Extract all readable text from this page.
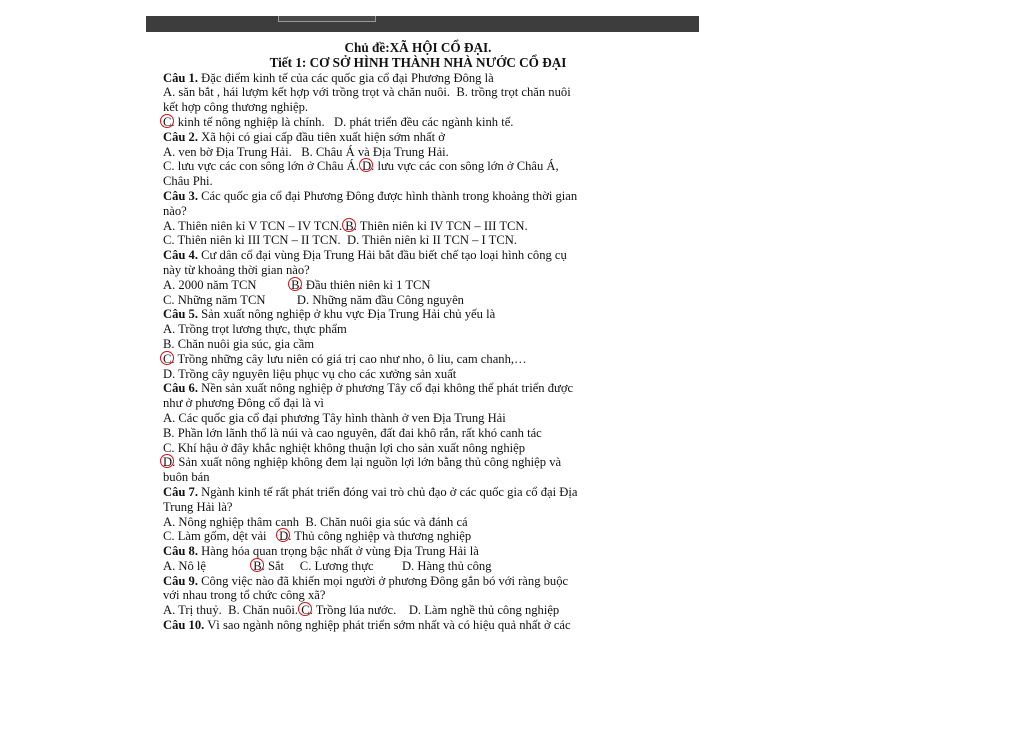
Chủ đề:XÃ HỘI CỔ ĐẠI.
Tiết 1: CƠ SỞ HÌNH THÀNH NHÀ NƯỚC CỔ ĐẠI
Câu 1. Đặc điểm kinh tế của các quốc gia cổ đại Phương Đông là
A. săn bắt , hái lượm kết hợp với trồng trọt và chăn nuôi.  B. trồng trọt chăn nuôi
kết hợp công thương nghiệp.
C.
kinh tế nông nghiệp là chính.   D. phát triển đều các ngành kinh tế.
Câu 2. Xã hội có giai cấp đầu tiên xuất hiện sớm nhất ở
A. ven bờ Địa Trung Hải.   B. Châu Á và Địa Trung Hải.
C. lưu vực các con sông lớn ở Châu Á. D.
lưu vực các con sông lớn ở Châu Á,
Châu Phi.
Câu 3. Các quốc gia cổ đại Phương Đông được hình thành trong khoảng thời gian
nào?
A. Thiên niên kỉ V TCN – IV TCN. B.
Thiên niên kỉ IV TCN – III TCN.
C. Thiên niên kỉ III TCN – II TCN.  D. Thiên niên kỉ II TCN – I TCN.
Câu 4. Cư dân cổ đại vùng Địa Trung Hải bắt đầu biết chế tạo loại hình công cụ
này từ khoảng thời gian nào?
A. 2000 năm TCN           B.
Đầu thiên niên kỉ 1 TCN
C. Những năm TCN          D. Những năm đầu Công nguyên
Câu 5. Sản xuất nông nghiệp ở khu vực Địa Trung Hải chủ yếu là
A. Trồng trọt lương thực, thực phẩm
B. Chăn nuôi gia súc, gia cầm
C.
Trồng những cây lưu niên có giá trị cao như nho, ô liu, cam chanh,…
D. Trồng cây nguyên liệu phục vụ cho các xưởng sản xuất
Câu 6. Nền sản xuất nông nghiệp ở phương Tây cổ đại không thể phát triển được
như ở phương Đông cổ đại là vì
A. Các quốc gia cổ đại phương Tây hình thành ở ven Địa Trung Hải
B. Phần lớn lãnh thổ là núi và cao nguyên, đất đai khô rắn, rất khó canh tác
C. Khí hậu ở đây khắc nghiệt không thuận lợi cho sản xuất nông nghiệp
D.
Sản xuất nông nghiệp không đem lại nguồn lợi lớn bằng thủ công nghiệp và
buôn bán
Câu 7. Ngành kinh tế rất phát triển đóng vai trò chủ đạo ở các quốc gia cổ đại Địa
Trung Hải là?
A. Nông nghiệp thâm canh  B. Chăn nuôi gia súc và đánh cá
C. Làm gốm, dệt vải    D.
Thủ công nghiệp và thương nghiệp
Câu 8. Hàng hóa quan trọng bậc nhất ở vùng Địa Trung Hải là
A. Nô lệ               B.
Sắt     C. Lương thực         D. Hàng thủ công
Câu 9. Công việc nào đã khiến mọi người ở phương Đông gắn bó với ràng buộc
với nhau trong tổ chức công xã?
A. Trị thuỷ.  B. Chăn nuôi. C.
Trồng lúa nước.    D. Làm nghề thủ công nghiệp
Câu 10. Vì sao ngành nông nghiệp phát triển sớm nhất và có hiệu quả nhất ở các
